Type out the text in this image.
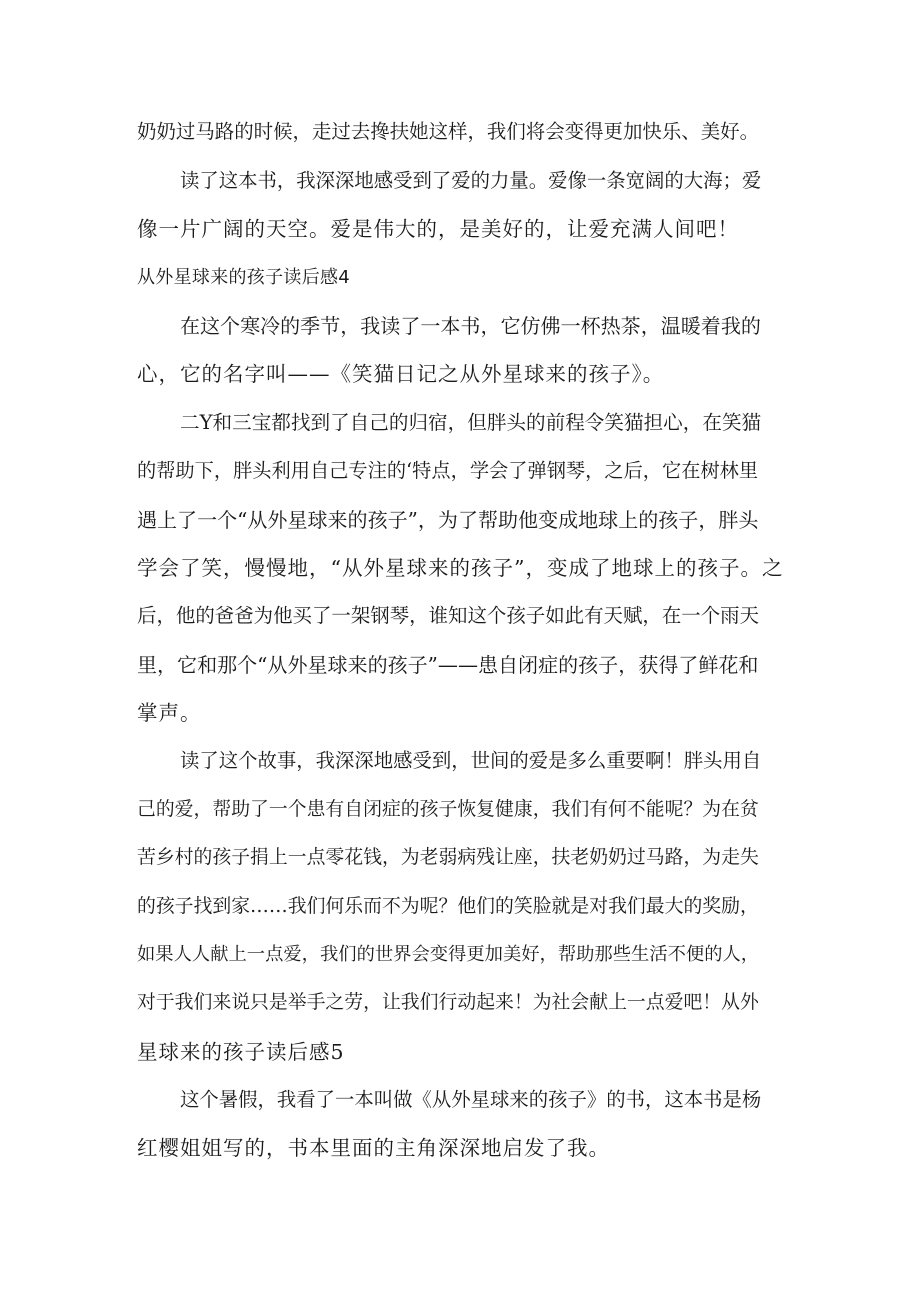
奶奶过马路的时候，走过去搀扶她这样，我们将会变得更加快乐、美好。
读了这本书，我深深地感受到了爱的力量。爱像一条宽阔的大海；爱
像一片广阔的天空。爱是伟大的，是美好的，让爱充满人间吧！
从外星球来的孩子读后感4
在这个寒冷的季节，我读了一本书，它仿佛一杯热茶，温暖着我的
心，它的名字叫——《笑猫日记之从外星球来的孩子》。
二Y和三宝都找到了自己的归宿，但胖头的前程令笑猫担心，在笑猫
的帮助下，胖头利用自己专注的‘特点，学会了弹钢琴，之后，它在树林里
遇上了一个“从外星球来的孩子”，为了帮助他变成地球上的孩子，胖头
学会了笑，慢慢地，“从外星球来的孩子”，变成了地球上的孩子。之
后，他的爸爸为他买了一架钢琴，谁知这个孩子如此有天赋，在一个雨天
里，它和那个“从外星球来的孩子”——患自闭症的孩子，获得了鲜花和
掌声。
读了这个故事，我深深地感受到，世间的爱是多么重要啊！胖头用自
己的爱，帮助了一个患有自闭症的孩子恢复健康，我们有何不能呢？为在贫
苦乡村的孩子捐上一点零花钱，为老弱病残让座，扶老奶奶过马路，为走失
的孩子找到家……我们何乐而不为呢？他们的笑脸就是对我们最大的奖励，
如果人人献上一点爱，我们的世界会变得更加美好，帮助那些生活不便的人，
对于我们来说只是举手之劳，让我们行动起来！为社会献上一点爱吧！从外
星球来的孩子读后感5
这个暑假，我看了一本叫做《从外星球来的孩子》的书，这本书是杨
红樱姐姐写的，书本里面的主角深深地启发了我。
